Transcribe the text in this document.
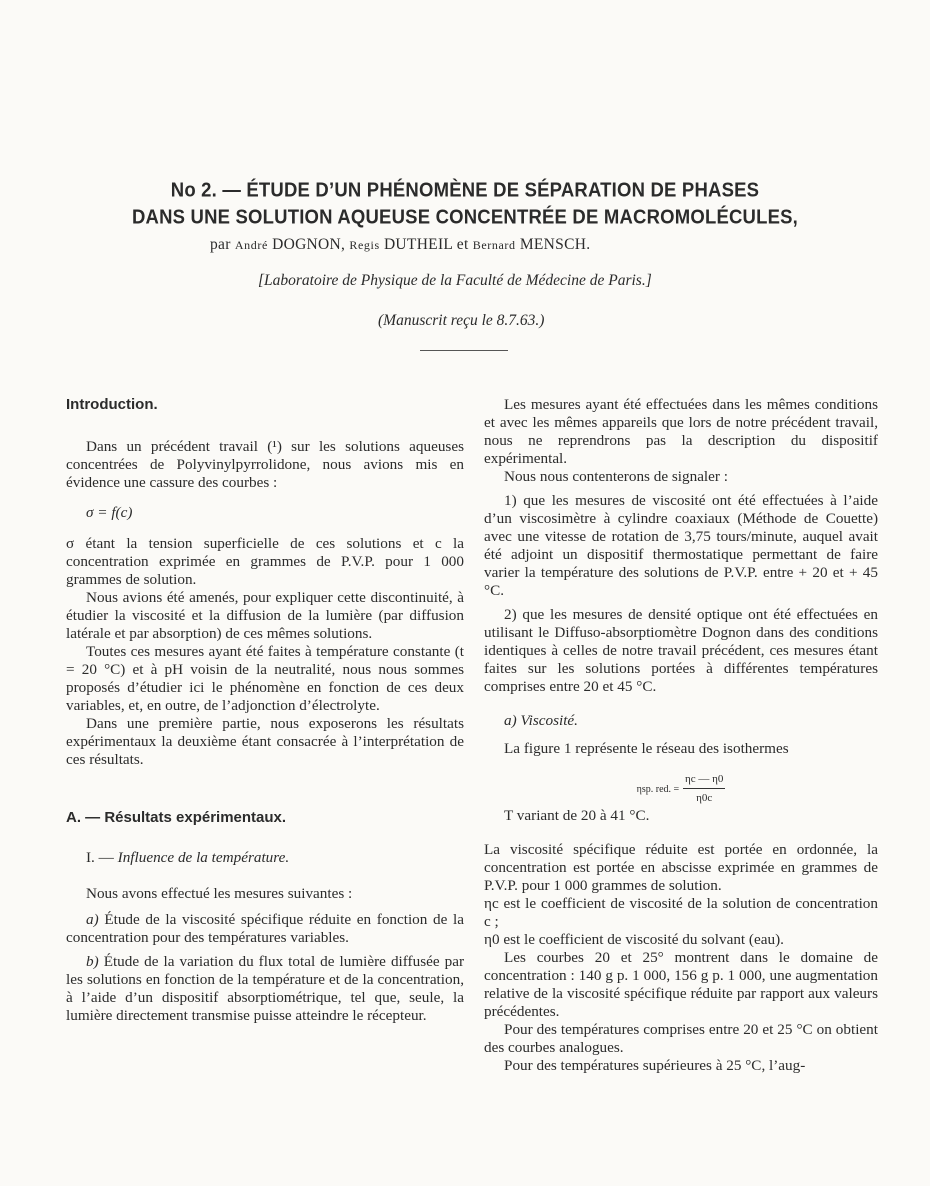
No 2. — ÉTUDE D’UN PHÉNOMÈNE DE SÉPARATION DE PHASES
DANS UNE SOLUTION AQUEUSE CONCENTRÉE DE MACROMOLÉCULES,
par André DOGNON, Regis DUTHEIL et Bernard MENSCH.
[Laboratoire de Physique de la Faculté de Médecine de Paris.]
(Manuscrit reçu le 8.7.63.)

Introduction.

Dans un précédent travail (¹) sur les solutions aqueuses concentrées de Polyvinylpyrrolidone, nous avions mis en évidence une cassure des courbes :

σ = f(c)

σ étant la tension superficielle de ces solutions et c la concentration exprimée en grammes de P.V.P. pour 1 000 grammes de solution.

Nous avions été amenés, pour expliquer cette discontinuité, à étudier la viscosité et la diffusion de la lumière (par diffusion latérale et par absorption) de ces mêmes solutions.

Toutes ces mesures ayant été faites à température constante (t = 20 °C) et à pH voisin de la neutralité, nous nous sommes proposés d’étudier ici le phénomène en fonction de ces deux variables, et, en outre, de l’adjonction d’électrolyte.

Dans une première partie, nous exposerons les résultats expérimentaux la deuxième étant consacrée à l’interprétation de ces résultats.

A. — Résultats expérimentaux.

I. — Influence de la température.

Nous avons effectué les mesures suivantes :

a) Étude de la viscosité spécifique réduite en fonction de la concentration pour des températures variables.

b) Étude de la variation du flux total de lumière diffusée par les solutions en fonction de la température et de la concentration, à l’aide d’un dispositif absorptiométrique, tel que, seule, la lumière directement transmise puisse atteindre le récepteur.

Les mesures ayant été effectuées dans les mêmes conditions et avec les mêmes appareils que lors de notre précédent travail, nous ne reprendrons pas la description du dispositif expérimental.

Nous nous contenterons de signaler :

1) que les mesures de viscosité ont été effectuées à l’aide d’un viscosimètre à cylindre coaxiaux (Méthode de Couette) avec une vitesse de rotation de 3,75 tours/minute, auquel avait été adjoint un dispositif thermostatique permettant de faire varier la température des solutions de P.V.P. entre + 20 et + 45 °C.

2) que les mesures de densité optique ont été effectuées en utilisant le Diffuso-absorptiomètre Dognon dans des conditions identiques à celles de notre travail précédent, ces mesures étant faites sur les solutions portées à différentes températures comprises entre 20 et 45 °C.

a) Viscosité.

La figure 1 représente le réseau des isothermes

ηsp. red. = $\frac{\eta c — \eta 0}{\eta 0c}$

T variant de 20 à 41 °C.

La viscosité spécifique réduite est portée en ordonnée, la concentration est portée en abscisse exprimée en grammes de P.V.P. pour 1 000 grammes de solution.

ηc est le coefficient de viscosité de la solution de concentration c ;

η0 est le coefficient de viscosité du solvant (eau).

Les courbes 20 et 25° montrent dans le domaine de concentration : 140 g p. 1 000, 156 g p. 1 000, une augmentation relative de la viscosité spécifique réduite par rapport aux valeurs précédentes.

Pour des températures comprises entre 20 et 25 °C on obtient des courbes analogues.

Pour des températures supérieures à 25 °C, l’aug-
